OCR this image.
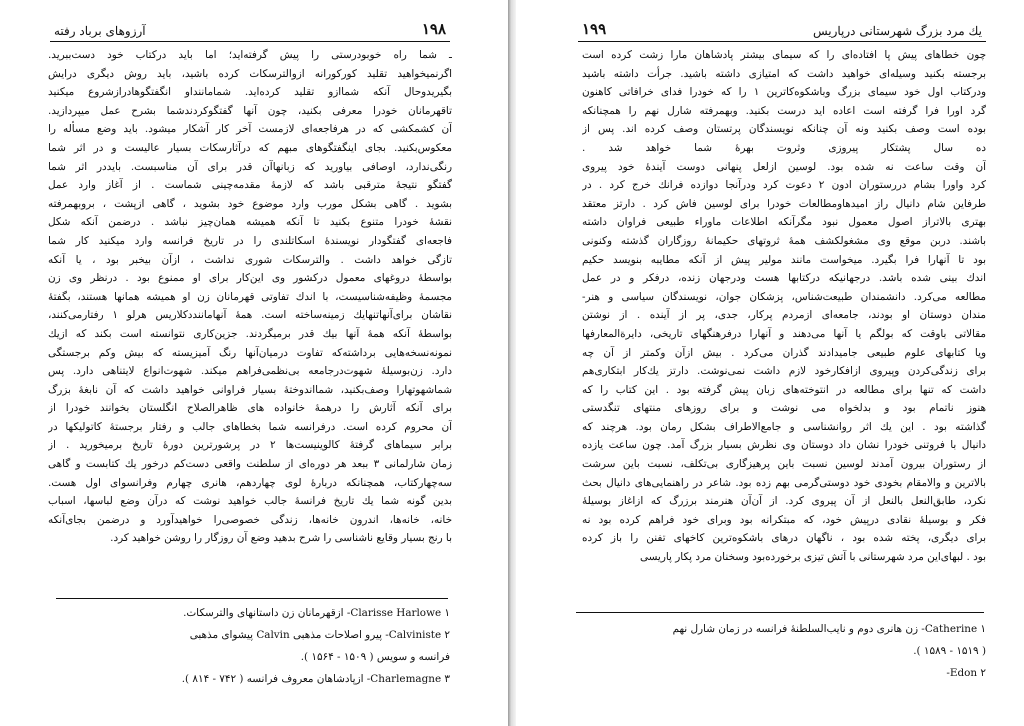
۱۹۸
آرزوهای برباد رفته
ـ شما راه خوبودرستی را پیش گرفته‌اید؛ اما باید درکتاب خود دست‌ببرید.
اگرنمیخواهید تقلید کورکورانه ازوالترسکات کرده باشید، باید روش دیگری درایش
بگیریدوحال آنکه شماازو تقلید کرده‌اید. شماماننداو انگفتگوهادرازشروع میکنید
تاقهرمانان خودرا معرفی بکنید، چون آنها گفتگوکردندشما بشرح عمل میپردازید.
آن کشمکشی که در هرفاجعه‌ای لازمست آخر کار آشکار میشود. باید وضع مسأله را
معکوس‌بکنید. بجای اینگفتگوهای مبهم که درآثارسکات بسیار عالیست و در اثر شما
رنگی‌ندارد، اوصافی بیاورید که زبانهاآن قدر برای آن مناسبست. بایددر اثر شما
گفتگو نتیجهٔ مترقبی باشد که لازمهٔ مقدمه‌چینی شماست . از آغاز وارد عمل
بشوید . گاهی بشکل مورب وارد موضوع خود بشوید ، گاهی ازپشت ، بروبهمرفته
نقشهٔ خودرا متنوع بکنید تا آنکه همیشه همان‌چیز نباشد . درضمن آنکه شکل
فاجعه‌ای گفتگودار نویسندهٔ اسکاتلندی را در تاریخ فرانسه وارد میکنید کار شما
تازگی خواهد داشت . والترسکات شوری نداشت ، ازآن بیخبر بود ، یا آنکه
بواسطهٔ دروغهای معمول درکشور وی این‌کار برای او ممنوع بود . درنظر وی زن
مجسمهٔ وظیفه‌شناسیست، با اندك تفاوتی قهرمانان زن او همیشه همانها هستند، بگفتهٔ
نقاشان برای‌آنهاتنهایك زمینه‌ساخته است. همهٔ آنهاماننددكلاریس هرلو ۱ رفتارمی‌کنند،
بواسطهٔ آنکه همهٔ آنها بیك قدر برمیگردند. جزین‌کاری نتوانسته است بکند که ازیك
نمونه‌نسخه‌هایی برداشته‌که تفاوت درمیان‌آنها رنگ آمیزیسته که بیش وکم برجستگی
دارد. زن‌بوسیلهٔ شهوت‌در‌جامعه بی‌نظمی‌فراهم میکند. شهوت‌انواع لایتناهی دارد. پس
شماشهوتهارا وصف‌بکنید، شمااندوختهٔ بسیار فراوانی خواهید داشت که آن نابغهٔ بزرگ
برای آنکه آثارش را درهمهٔ خانواده های ظاهرالصلاح انگلستان بخوانند خودرا از
آن محروم کرده است. درفرانسه شما بخطاهای جالب و رفتار برجستهٔ کاتولیکها در
برابر سیماهای گرفتهٔ کالوینیست‌ها ۲ در پرشورترین دورهٔ تاریخ برمیخورید . از
زمان شارلمانی ۳ ببعد هر دوره‌ای از سلطنت واقعی دست‌کم درخور یك کتابست و گاهی
سه‌چهارکتاب، همچنانکه دربارهٔ لوی چهاردهم، هانری چهارم وفرانسوای اول هست.
بدین گونه شما یك تاریخ فرانسهٔ جالب خواهید نوشت که درآن وضع لباسها، اسباب
خانه، خانه‌ها، اندرون خانه‌ها، زندگی خصوصی‌را خواهیدآورد و درضمن بجای‌آنکه
با رنج بسیار وقایع ناشناسی را شرح بدهید وضع آن روزگار را روشن خواهید کرد.
Clarisse Harlowe ۱- ازقهرمانان زن داستانهای والترسکات.
Calviniste ۲- پیرو اصلاحات مذهبی Calvin پیشوای مذهبی
فرانسه و سویس ( ۱۵۰۹ - ۱۵۶۴ ).
Charlemagne ۳- ازپادشاهان معروف فرانسه ( ۷۴۲ - ۸۱۴ ).
يك مرد بزرگ شهرستانی درپاریس
۱۹۹
چون خطاهای پیش پا افتاده‌ای را که سیمای بیشتر پادشاهان مارا زشت کرده است
برجسته بکنید وسیله‌ای خواهید داشت که امتیازی داشته باشید. جرأت داشته باشید
ودرکتاب اول خود سیمای بزرگ وباشکوه‌کاترین ۱ را که خودرا فدای خرافاتی کاهنون
گرد اورا فرا گرفته است اعاده اید درست بکنید. وبهمرفته شارل نهم را همچنانکه
بوده است وصف بکنید ونه آن چنانکه نویسندگان پرتستان وصف کرده اند. پس از
ده سال پشتکار پیروزی وثروت بهرهٔ شما خواهد شد .
آن وقت ساعت نه شده بود. لوسین ازلعل پنهانی دوست آیندهٔ خود پیروی
کرد واورا بشام دررستوران ادون ۲ دعوت کرد ودرآنجا دوازده فرانك خرج کرد . در
طرفاین شام دانیال راز امیدهاومطالعات خودرا برای لوسین فاش کرد . دارتز معتقد
بهتری بالاتراز اصول معمول نبود مگرآنکه اطلاعات ماوراء طبیعی فراوان داشته
باشند. دربن موقع وی مشغولکشف همهٔ ثروتهای حکیمانهٔ روزگاران گذشته وکنونی
بود تا آنهارا فرا بگیرد. میخواست مانند مولیر پیش از آنکه مطایبه بنویسد حکیم
اندك بینی شده باشد. درجهانیکه درکتابها هست ودرجهان زنده، درفکر و در عمل
مطالعه می‌کرد. دانشمندان طبیعت‌شناس، پزشکان جوان، نویسندگان سیاسی و هنر-
مندان دوستان او بودند، جامعه‌ای ازمردم پرکار، جدی، پر از آینده . از نوشتن
مقالاتی باوقت که بولگم یا آنها می‌دهند و آنهارا درفرهنگهای تاریخی، دایرة‌المعارفها
ویا کتابهای علوم طبیعی جامیدادند گذران می‌کرد . بیش ازآن وکمتر از آن چه
برای زندگی‌کردن وپیروی ازافکارخود لازم داشت نمی‌نوشت. دارتز یك‌کار ابتکاری‌هم
داشت که تنها برای مطالعه در انتوخته‌های زبان پیش گرفته بود . این کتاب را که
هنوز ناتمام بود و بدلخواه می نوشت و برای روزهای منتهای تنگدستی
گذاشته بود . این یك اثر روانشناسی و جامع‌الاطراف بشکل رمان بود. هرچند که
دانیال با فروتنی خودرا نشان داد دوستان وی نظرش بسیار بزرگ آمد. چون ساعت یازده
از رستوران بیرون آمدند لوسین نسبت باین پرهیزگاری بی‌تکلف، نسبت باین سرشت
بالاترین و والامقام بخودی خود دوستی‌گرمی بهم زده بود. شاعر در راهنمایی‌های دانیال بحث
نکرد، طابق‌النعل بالنعل از آن پیروی کرد. از آن‌آن هنرمند برزرگ که ازاغاز بوسیلهٔ
فکر و بوسیلهٔ نقادی درپیش خود، که مبتکرانه بود وبرای خود فراهم کرده بود نه
برای دیگری، پخته شده بود ، ناگهان درهای باشکوه‌ترین کاخهای تفنن را باز کرده
بود . لبهای‌این مرد شهرستانی با آتش تیزی برخورده‌بود وسخنان مرد پکار پاریسی
Catherine ۱- زن هانری دوم و نایب‌السلطنهٔ فرانسه در زمان شارل نهم
( ۱۵۱۹ - ۱۵۸۹ ).
Edon ۲-
